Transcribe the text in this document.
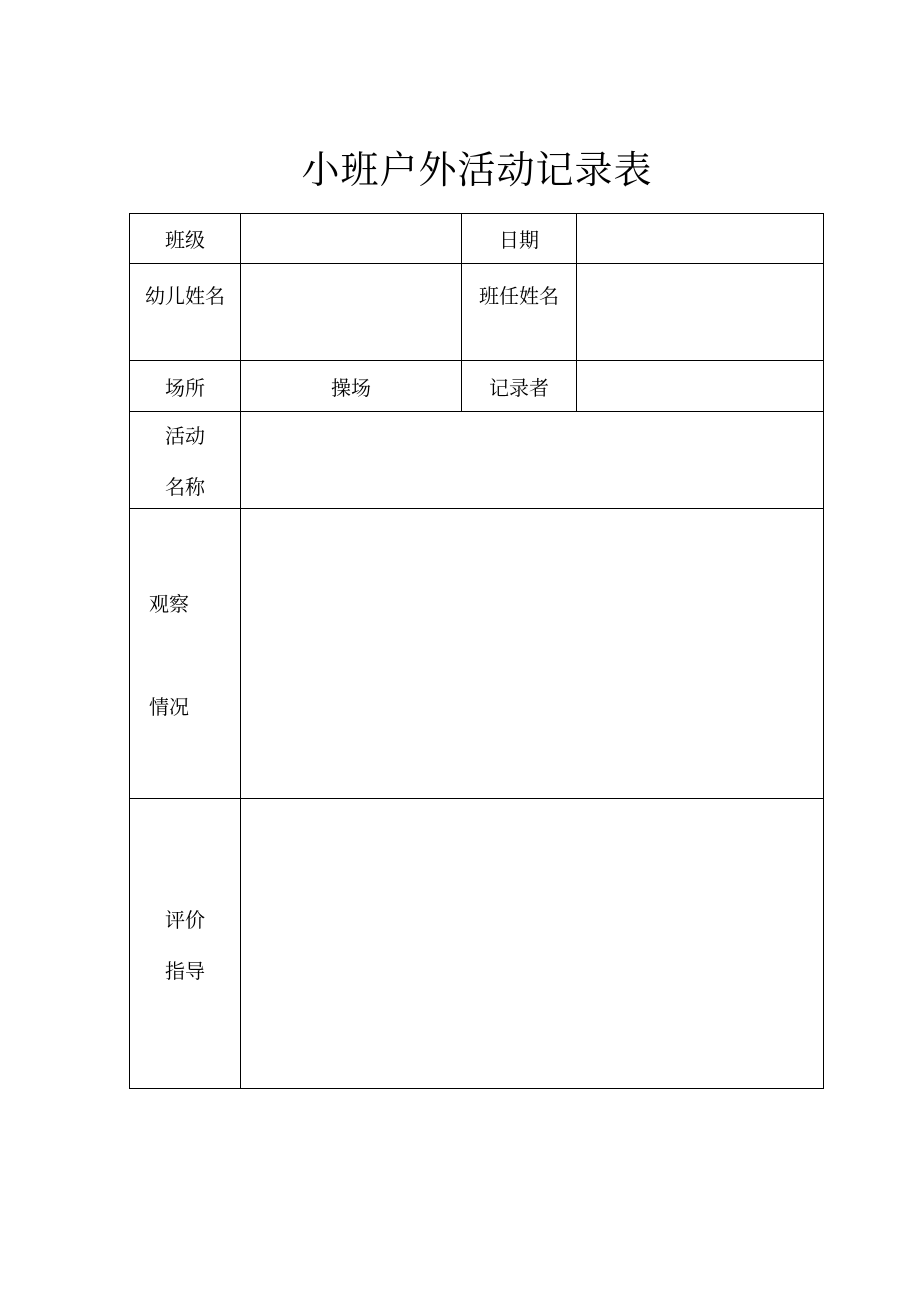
小班户外活动记录表
班级		日期	
幼儿姓名		班任姓名	
场所	操场	记录者	

活动
名称			

观察
情况			

评价
指导			
